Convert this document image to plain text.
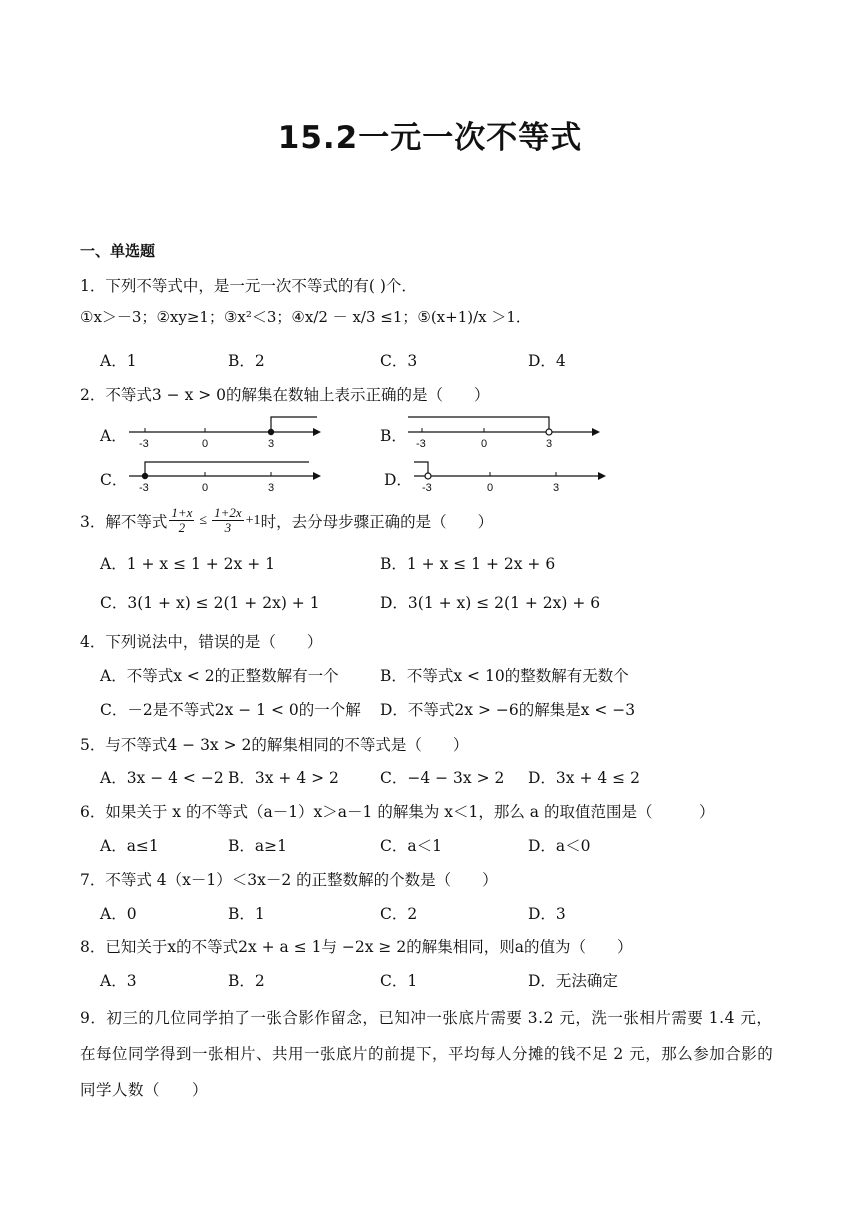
15.2一元一次不等式
一、单选题
1．下列不等式中，是一元一次不等式的有( )个．
①x＞－3；②xy≥1；③x²＜3；④x/2 － x/3 ≤1；⑤(x+1)/x ＞1．
A．1	B．2	C．3	D．4
2．不等式3 − x > 0的解集在数轴上表示正确的是（　　）
A． -3	0	3	B． -3	0	3
C． -3	0	3	D． -3	0	3
3．解不等式 $\frac{1+x}{2} \le \frac{1+2x}{3} +1$ 时，去分母步骤正确的是（　　）
A．1 + x ≤ 1 + 2x + 1	B．1 + x ≤ 1 + 2x + 6
C．3(1 + x) ≤ 2(1 + 2x) + 1	D．3(1 + x) ≤ 2(1 + 2x) + 6
4．下列说法中，错误的是（　　）
A．不等式x < 2的正整数解有一个	B．不等式x < 10的整数解有无数个
C．－2是不等式2x − 1 < 0的一个解 D．不等式2x > −6的解集是x < −3
5．与不等式4 − 3x > 2的解集相同的不等式是（　　）
A．3x − 4 < −2 B．3x + 4 > 2	C．−4 − 3x > 2 D．3x + 4 ≤ 2
6．如果关于 x 的不等式（a－1）x＞a－1 的解集为 x＜1，那么 a 的取值范围是（　　　）
A．a≤1	B．a≥1	C．a＜1	D．a＜0
7．不等式 4（x－1）＜3x－2 的正整数解的个数是（　　）
A．0	B．1	C．2	D．3
8．已知关于x的不等式2x + a ≤ 1与 −2x ≥ 2的解集相同，则a的值为（　　）
A．3	B．2	C．1	D．无法确定
9．初三的几位同学拍了一张合影作留念，已知冲一张底片需要 3.2 元，洗一张相片需要 1.4 元，在每位同学得到一张相片、共用一张底片的前提下，平均每人分摊的钱不足 2 元，那么参加合影的同学人数（　　）
